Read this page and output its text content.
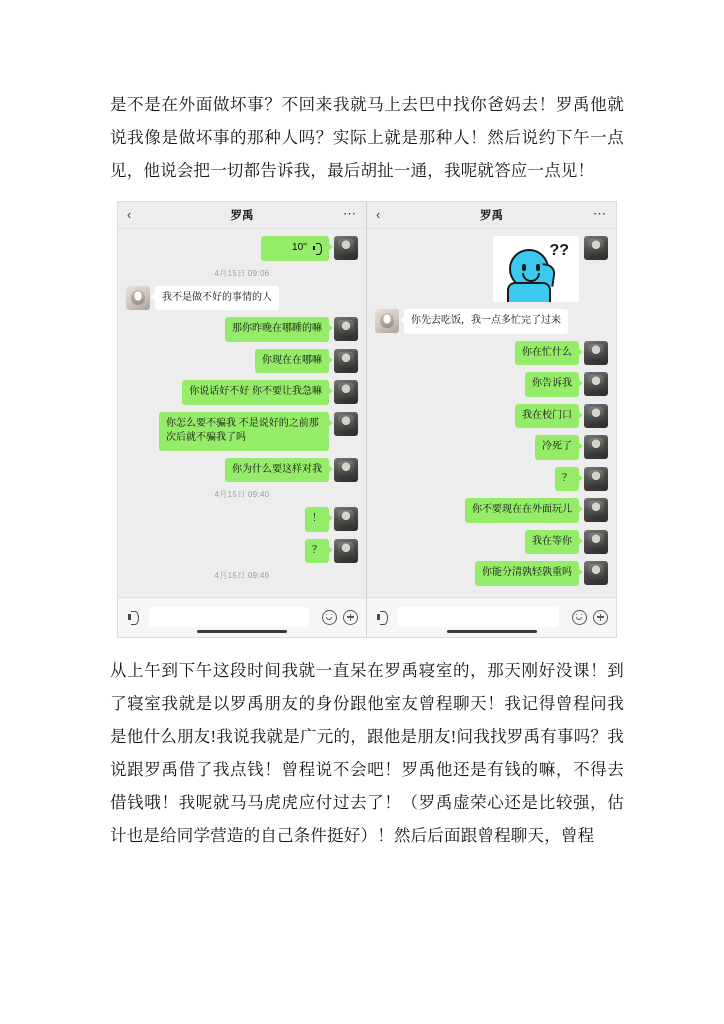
是不是在外面做坏事？不回来我就马上去巴中找你爸妈去！罗禹他就说我像是做坏事的那种人吗？实际上就是那种人！然后说约下午一点见，他说会把一切都告诉我，最后胡扯一通，我呢就答应一点见！

‹	罗禹	⋯
10''
4月15日 09:06
我不是做不好的事情的人
那你昨晚在哪睡的嘛
你现在在哪嘛
你说话好不好 你不要让我急嘛
你怎么要不骗我 不是说好的之前那次后就不骗我了吗
你为什么要这样对我
4月15日 09:40
！
？
4月15日 09:46
‹	罗禹	⋯
??
你先去吃饭，我一点多忙完了过来
你在忙什么
你告诉我
我在校门口
冷死了
？
你不要现在在外面玩儿
我在等你
你能分清孰轻孰重吗

从上午到下午这段时间我就一直呆在罗禹寝室的，那天刚好没课！到了寝室我就是以罗禹朋友的身份跟他室友曾程聊天！我记得曾程问我是他什么朋友!我说我就是广元的，跟他是朋友!问我找罗禹有事吗？我说跟罗禹借了我点钱！曾程说不会吧！罗禹他还是有钱的嘛，不得去借钱哦！我呢就马马虎虎应付过去了！（罗禹虚荣心还是比较强，估计也是给同学营造的自己条件挺好）！然后后面跟曾程聊天，曾程
